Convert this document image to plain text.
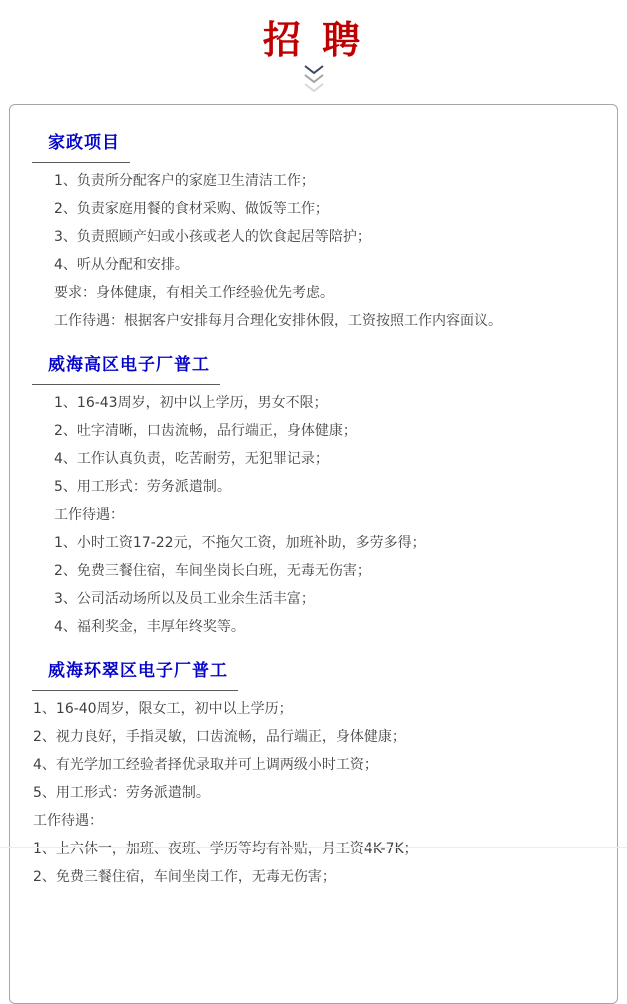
招 聘
家政项目

1、负责所分配客户的家庭卫生清洁工作；

2、负责家庭用餐的食材采购、做饭等工作；

3、负责照顾产妇或小孩或老人的饮食起居等陪护；

4、听从分配和安排。

要求：身体健康，有相关工作经验优先考虑。

工作待遇：根据客户安排每月合理化安排休假，工资按照工作内容面议。

威海高区电子厂普工

1、16-43周岁，初中以上学历，男女不限；

2、吐字清晰，口齿流畅，品行端正，身体健康；

4、工作认真负责，吃苦耐劳，无犯罪记录；

5、用工形式：劳务派遣制。

工作待遇：

1、小时工资17-22元，不拖欠工资，加班补助，多劳多得；

2、免费三餐住宿，车间坐岗长白班，无毒无伤害；

3、公司活动场所以及员工业余生活丰富；

4、福利奖金，丰厚年终奖等。

威海环翠区电子厂普工

1、16-40周岁，限女工，初中以上学历；

2、视力良好，手指灵敏，口齿流畅，品行端正，身体健康；

4、有光学加工经验者择优录取并可上调两级小时工资；

5、用工形式：劳务派遣制。

工作待遇：

1、上六休一，加班、夜班、学历等均有补贴，月工资4K-7K；

2、免费三餐住宿，车间坐岗工作，无毒无伤害；
